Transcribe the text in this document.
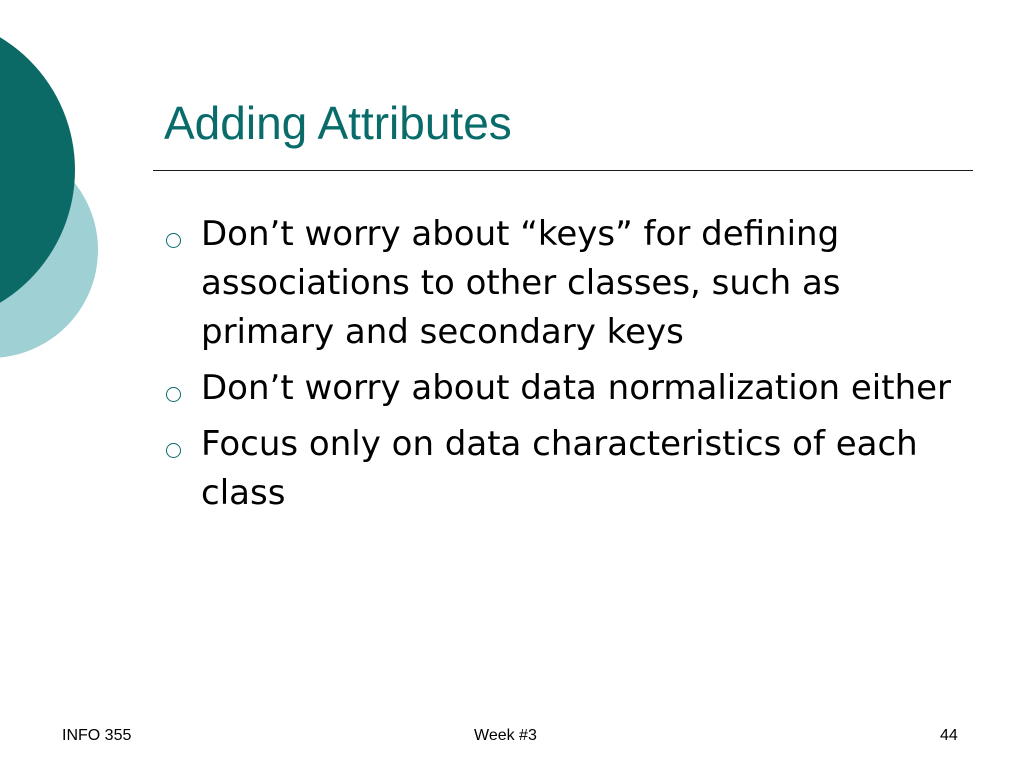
Adding Attributes
Don’t worry about “keys” for defining associations to other classes, such as primary and secondary keys
Don’t worry about data normalization either
Focus only on data characteristics of each class
INFO 355	Week #3	44
